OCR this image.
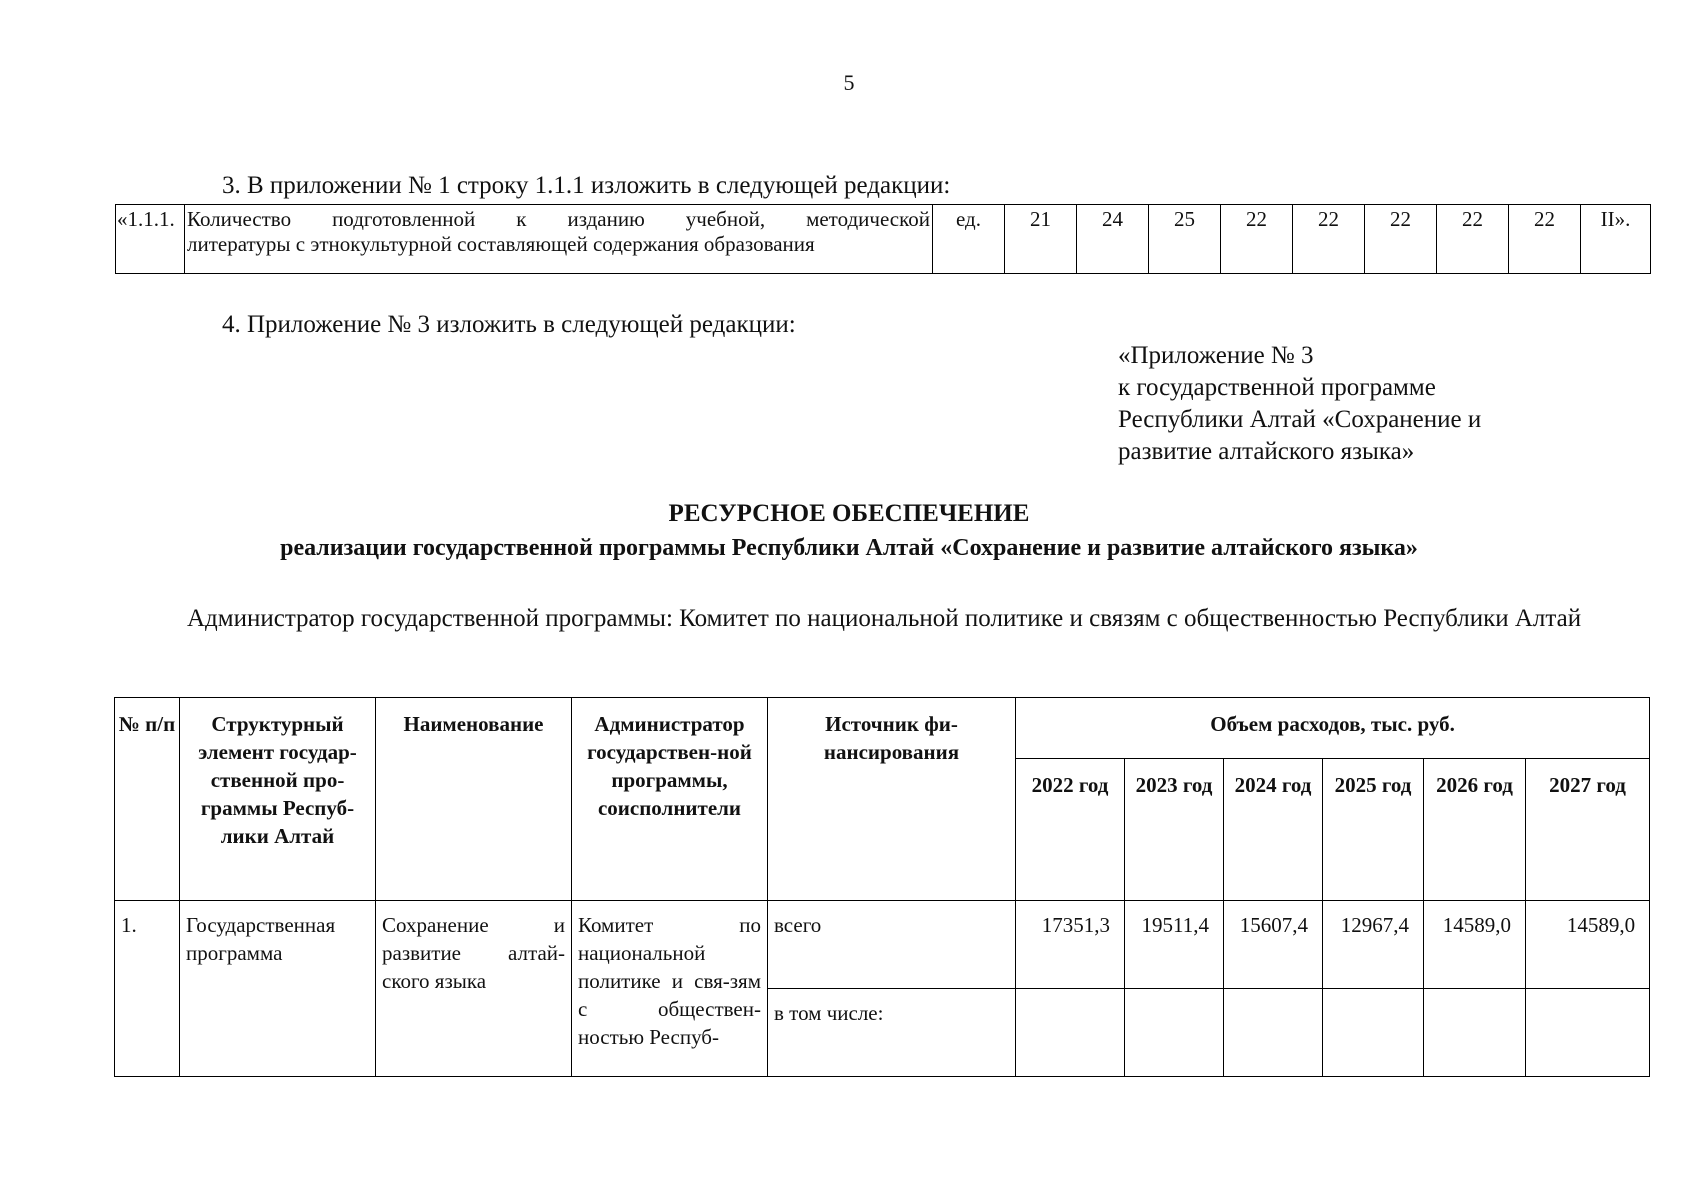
5
3. В приложении № 1 строку 1.1.1 изложить в следующей редакции:
«1.1.1.	Количество подготовленной к изданию учебной, методической
литературы с этнокультурной составляющей содержания образования	ед.	21	24	25	22	22	22	22	22	II».
4. Приложение № 3 изложить в следующей редакции:
«Приложение № 3
к государственной программе
Республики Алтай «Сохранение и
развитие алтайского языка»
РЕСУРСНОЕ ОБЕСПЕЧЕНИЕ
реализации государственной программы Республики Алтай «Сохранение и развитие алтайского языка»
Администратор государственной программы: Комитет по национальной политике и связям с общественностью Республики Алтай
№ п/п	Структурный элемент государ-ственной про-граммы Респуб-лики Алтай	Наименование	Администратор государствен-ной программы, соисполнители	Источник фи-нансирования	Объем расходов, тыс. руб.					
					2022 год	2023 год	2024 год	2025 год	2026 год	2027 год
1.	Государственная программа	Сохранение и развитие алтай-ского языка	Комитет по национальной политике и свя-зям с обществен-ностью Респуб-	всего	17351,3	19511,4	15607,4	12967,4	14589,0	14589,0
				в том числе:						
